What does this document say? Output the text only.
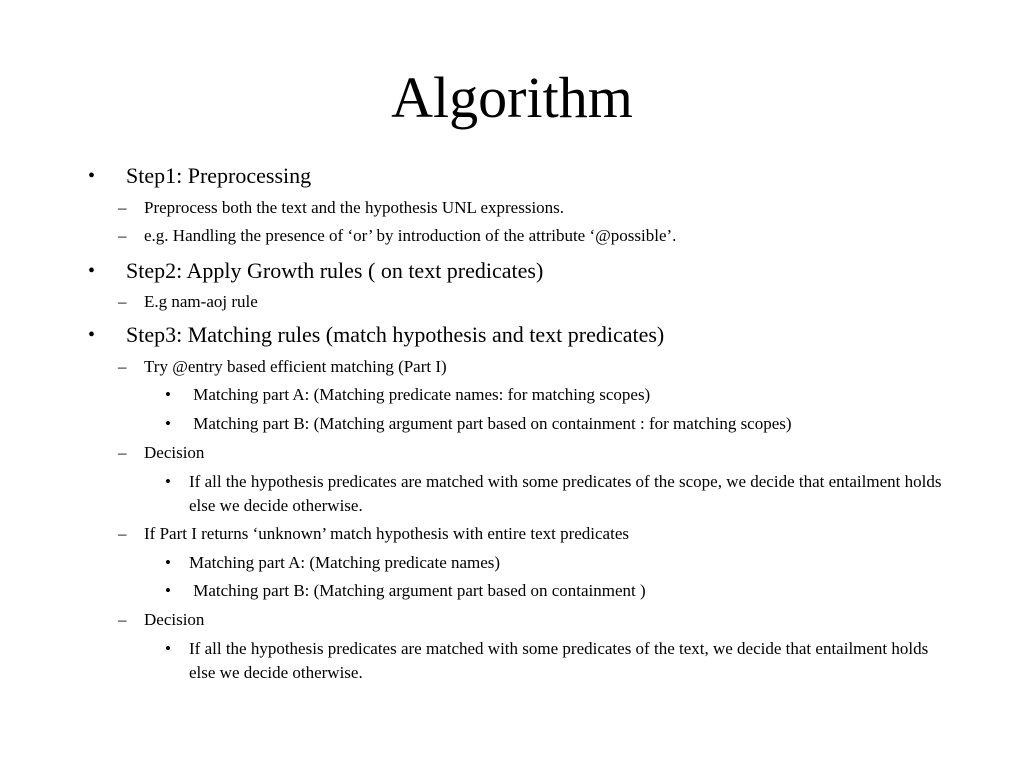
Algorithm
•	Step1: Preprocessing
–	Preprocess both the text and the hypothesis UNL expressions.
–	e.g. Handling the presence of ‘or’ by introduction of the attribute ‘@possible’.
•	Step2: Apply Growth rules ( on text predicates)
–	E.g nam-aoj rule
•	Step3: Matching rules (match hypothesis and text predicates)
–	Try @entry based efficient matching (Part I)
•	Matching part A: (Matching predicate names: for matching scopes)
•	Matching part B: (Matching argument part based on containment : for matching scopes)
–	Decision
•	If all the hypothesis predicates are matched with some predicates of the scope, we decide that entailment holds else we decide otherwise.
–	If Part I returns ‘unknown’ match hypothesis with entire text predicates
•	Matching part A: (Matching predicate names)
•	Matching part B: (Matching argument part based on containment )
–	Decision
•	If all the hypothesis predicates are matched with some predicates of the text, we decide that entailment holds else we decide otherwise.
